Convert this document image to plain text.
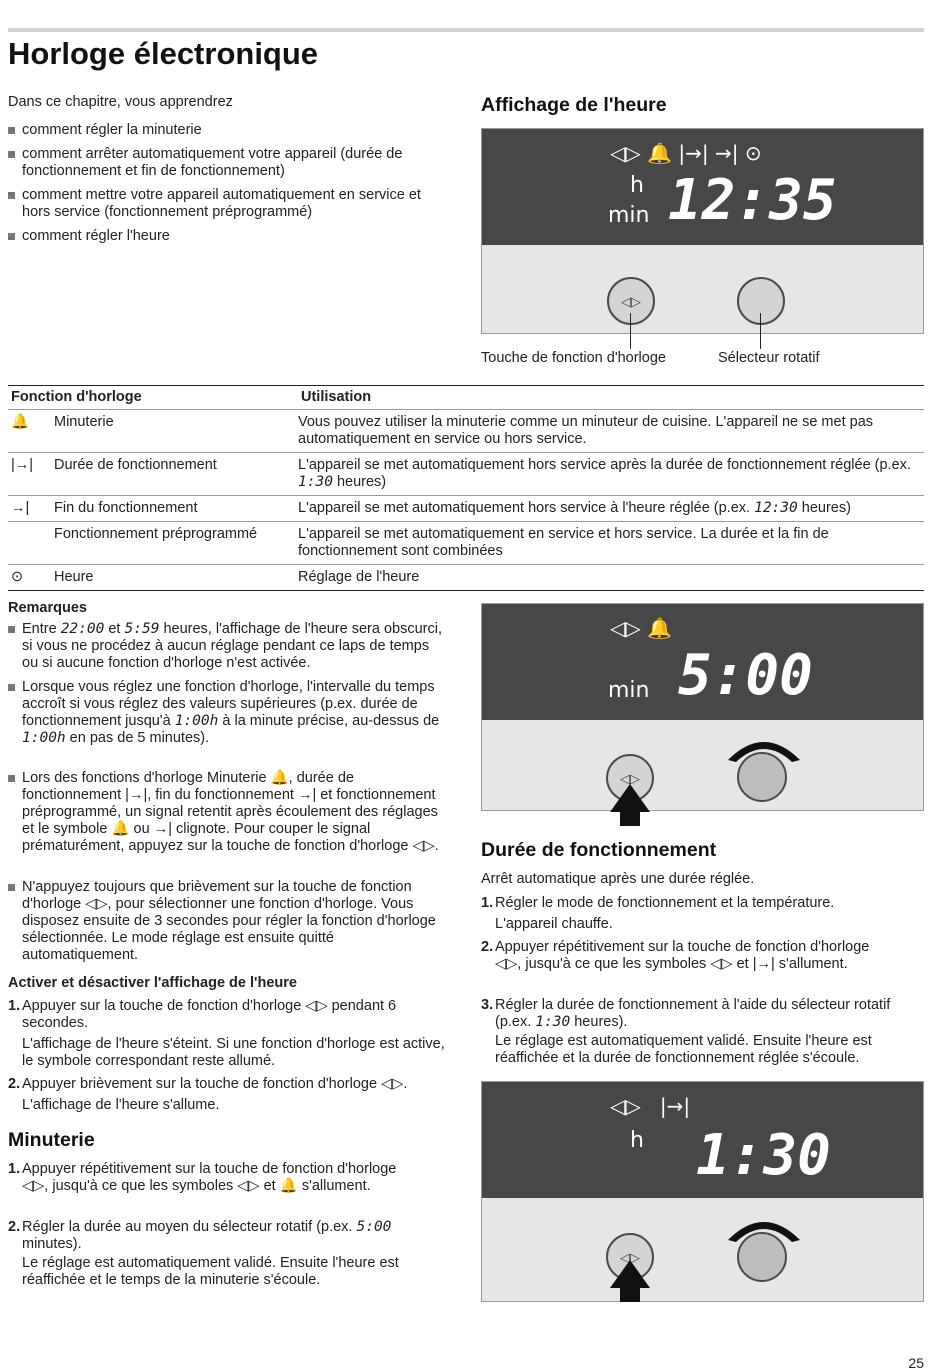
Horloge électronique
Dans ce chapitre, vous apprendrez
comment régler la minuterie
comment arrêter automatiquement votre appareil (durée de fonctionnement et fin de fonctionnement)
comment mettre votre appareil automatiquement en service et hors service (fonctionnement préprogrammé)
comment régler l'heure
Affichage de l'heure
◁▷ 🔔 |→| →| ⊙
h
min 12:35
◁▷
Touche de fonction d'horloge	Sélecteur rotatif
Fonction d'horloge		Utilisation
🔔	Minuterie	Vous pouvez utiliser la minuterie comme un minuteur de cuisine. L'appareil ne se met pas automatiquement en service ou hors service.
|→|	Durée de fonctionnement	L'appareil se met automatiquement hors service après la durée de fonctionnement réglée (p.ex. 1:30 heures)
→|	Fin du fonctionnement	L'appareil se met automatiquement hors service à l'heure réglée (p.ex. 12:30 heures)
	Fonctionnement préprogrammé	L'appareil se met automatiquement en service et hors service. La durée et la fin de fonctionnement sont combinées
⊙	Heure	Réglage de l'heure
Remarques
Entre 22:00 et 5:59 heures, l'affichage de l'heure sera obscurci, si vous ne procédez à aucun réglage pendant ce laps de temps ou si aucune fonction d'horloge n'est activée.
Lorsque vous réglez une fonction d'horloge, l'intervalle du temps accroît si vous réglez des valeurs supérieures (p.ex. durée de fonctionnement jusqu'à 1:00h à la minute précise, au-dessus de 1:00h en pas de 5 minutes).
Lors des fonctions d'horloge Minuterie 🔔, durée de fonctionnement |→|, fin du fonctionnement →| et fonctionnement préprogrammé, un signal retentit après écoulement des réglages et le symbole 🔔 ou →| clignote. Pour couper le signal prématurément, appuyez sur la touche de fonction d'horloge ◁▷.
N'appuyez toujours que brièvement sur la touche de fonction d'horloge ◁▷, pour sélectionner une fonction d'horloge. Vous disposez ensuite de 3 secondes pour régler la fonction d'horloge sélectionnée. Le mode réglage est ensuite quitté automatiquement.
Activer et désactiver l'affichage de l'heure
1. Appuyer sur la touche de fonction d'horloge ◁▷ pendant 6 secondes.
L'affichage de l'heure s'éteint. Si une fonction d'horloge est active, le symbole correspondant reste allumé.
2. Appuyer brièvement sur la touche de fonction d'horloge ◁▷.
L'affichage de l'heure s'allume.
Minuterie
1. Appuyer répétitivement sur la touche de fonction d'horloge ◁▷, jusqu'à ce que les symboles ◁▷ et 🔔 s'allument.
2. Régler la durée au moyen du sélecteur rotatif (p.ex. 5:00 minutes).
Le réglage est automatiquement validé. Ensuite l'heure est réaffichée et le temps de la minuterie s'écoule.
◁▷ 🔔
min 5:00
◁▷
Durée de fonctionnement
Arrêt automatique après une durée réglée.
1. Régler le mode de fonctionnement et la température.
L'appareil chauffe.
2. Appuyer répétitivement sur la touche de fonction d'horloge ◁▷, jusqu'à ce que les symboles ◁▷ et |→| s'allument.
3. Régler la durée de fonctionnement à l'aide du sélecteur rotatif (p.ex. 1:30 heures).
Le réglage est automatiquement validé. Ensuite l'heure est réaffichée et la durée de fonctionnement réglée s'écoule.
◁▷   |→|
h 1:30
◁▷
25
